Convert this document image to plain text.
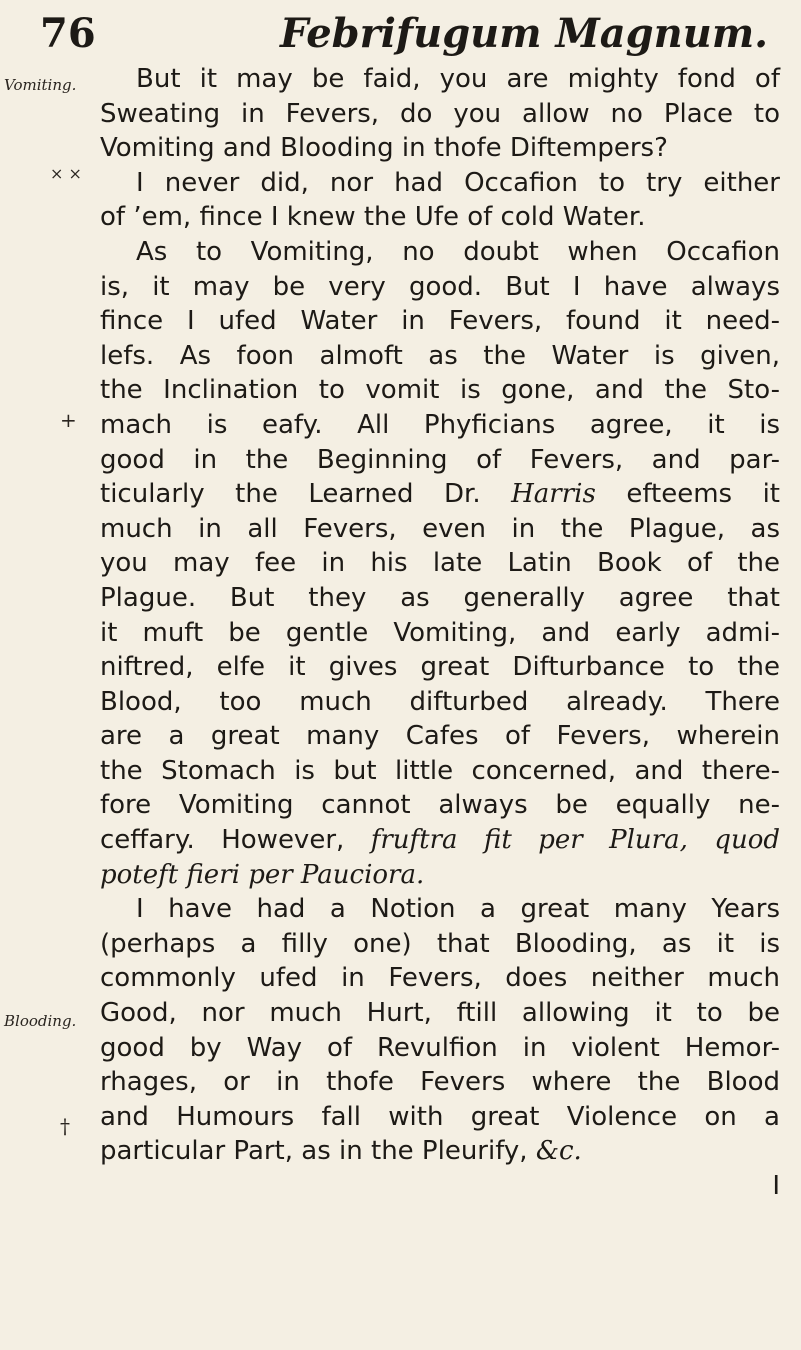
76	Febrifugum Magnum.
Vomiting.
× ×
+
Blooding.
†
But it may be faid, you are mighty fond of
Sweating in Fevers, do you allow no Place to
Vomiting and Blooding in thofe Diftempers?
I never did, nor had Occafion to try either
of ’em, fince I knew the Ufe of cold Water.
As to Vomiting, no doubt when Occafion
is, it may be very good. But I have always
fince I ufed Water in Fevers, found it need-
lefs. As foon almoft as the Water is given,
the Inclination to vomit is gone, and the Sto-
mach is eafy. All Phyficians agree, it is
good in the Beginning of Fevers, and par-
ticularly the Learned Dr. Harris efteems it
much in all Fevers, even in the Plague, as
you may fee in his late Latin Book of the
Plague. But they as generally agree that
it muft be gentle Vomiting, and early admi-
niftred, elfe it gives great Difturbance to the
Blood, too much difturbed already. There
are a great many Cafes of Fevers, wherein
the Stomach is but little concerned, and there-
fore Vomiting cannot always be equally ne-
ceffary. However, fruftra fit per Plura, quod
poteft fieri per Pauciora.
I have had a Notion a great many Years
(perhaps a filly one) that Blooding, as it is
commonly ufed in Fevers, does neither much
Good, nor much Hurt, ftill allowing it to be
good by Way of Revulfion in violent Hemor-
rhages, or in thofe Fevers where the Blood
and Humours fall with great Violence on a
particular Part, as in the Pleurify, &c.
I
